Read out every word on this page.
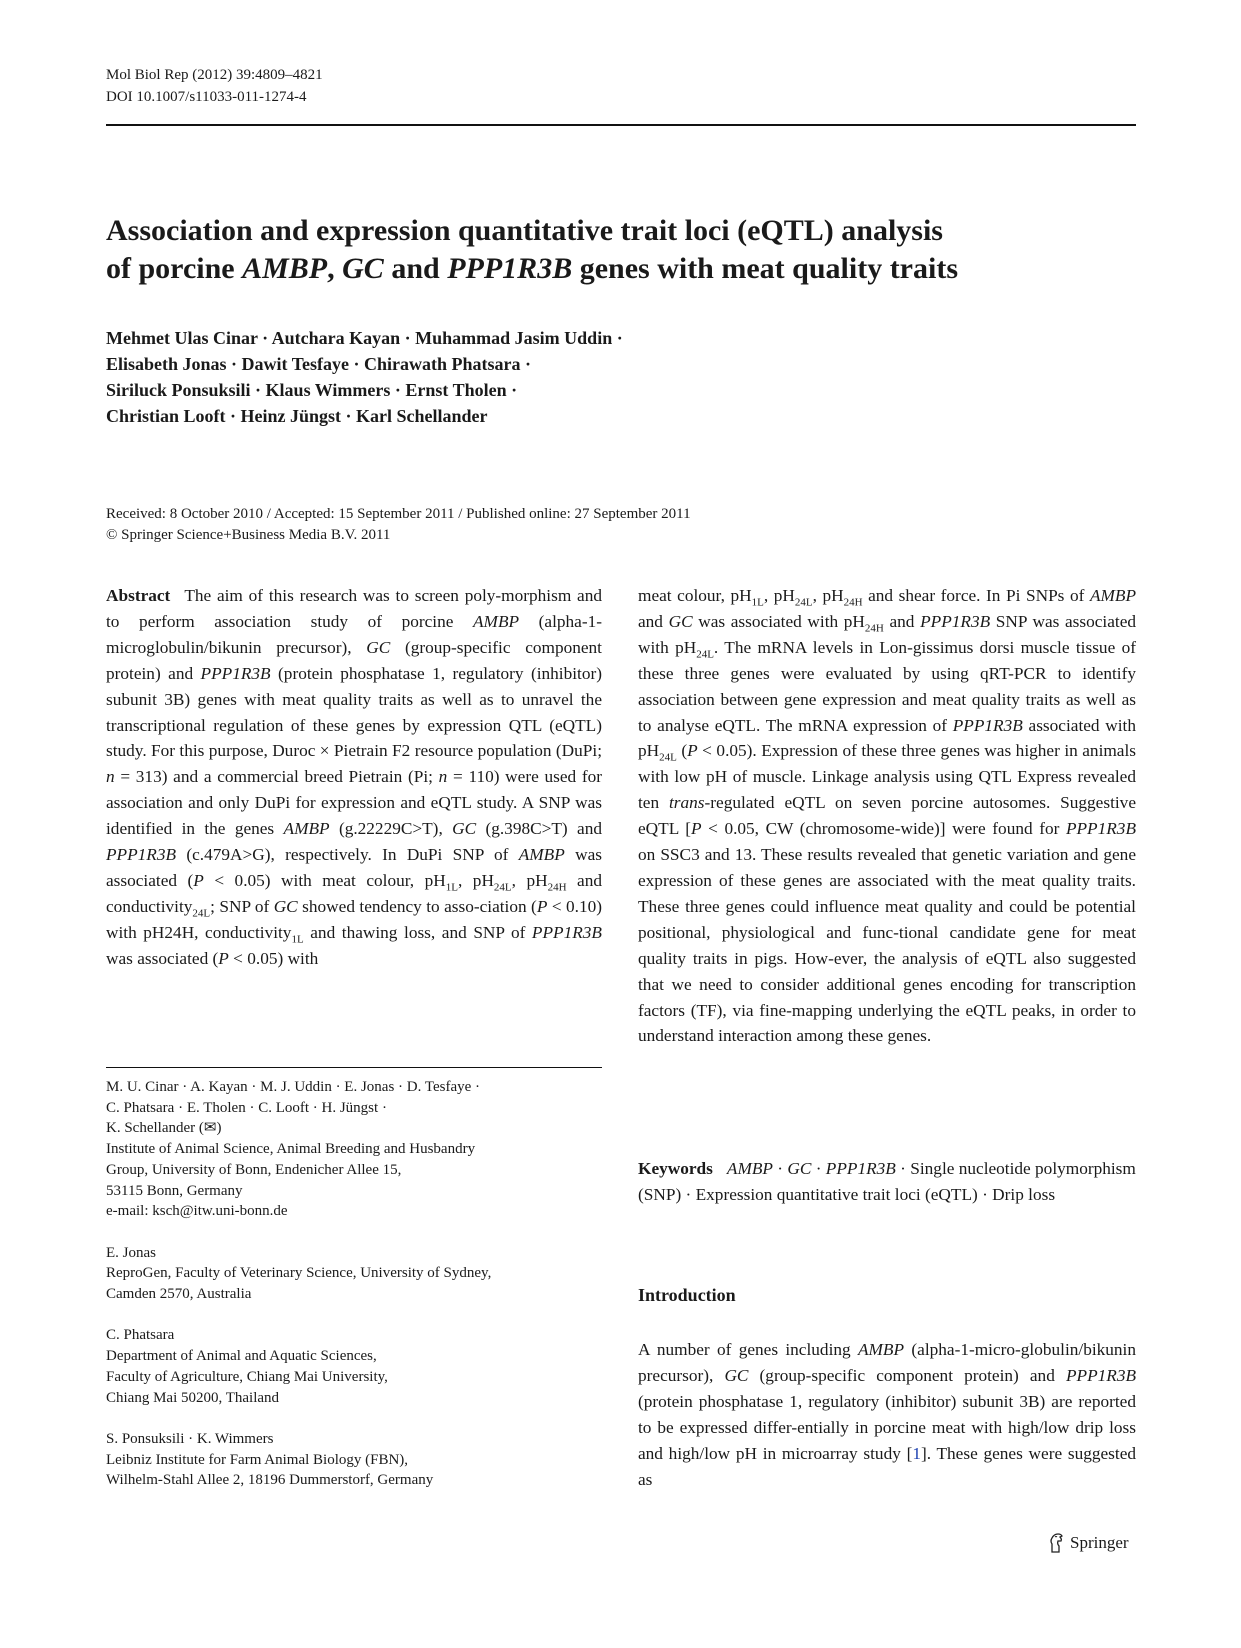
Mol Biol Rep (2012) 39:4809–4821
DOI 10.1007/s11033-011-1274-4
Association and expression quantitative trait loci (eQTL) analysis
of porcine AMBP, GC and PPP1R3B genes with meat quality traits
Mehmet Ulas Cinar · Autchara Kayan · Muhammad Jasim Uddin ·
Elisabeth Jonas · Dawit Tesfaye · Chirawath Phatsara ·
Siriluck Ponsuksili · Klaus Wimmers · Ernst Tholen ·
Christian Looft · Heinz Jüngst · Karl Schellander
Received: 8 October 2010 / Accepted: 15 September 2011 / Published online: 27 September 2011
© Springer Science+Business Media B.V. 2011

Abstract The aim of this research was to screen poly-morphism and to perform association study of porcine AMBP (alpha-1-microglobulin/bikunin precursor), GC (group-specific component protein) and PPP1R3B (protein phosphatase 1, regulatory (inhibitor) subunit 3B) genes with meat quality traits as well as to unravel the transcriptional regulation of these genes by expression QTL (eQTL) study. For this purpose, Duroc × Pietrain F2 resource population (DuPi; n = 313) and a commercial breed Pietrain (Pi; n = 110) were used for association and only DuPi for expression and eQTL study. A SNP was identified in the genes AMBP (g.22229C>T), GC (g.398C>T) and PPP1R3B (c.479A>G), respectively. In DuPi SNP of AMBP was associated (P < 0.05) with meat colour, $pH_{1L}$, $pH_{24L}$, $pH_{24H}$ and conductivity$_{24L}$; SNP of GC showed tendency to asso-ciation (P < 0.10) with pH24H, conductivity$_{1L}$ and thawing loss, and SNP of PPP1R3B was associated (P < 0.05) with

M. U. Cinar · A. Kayan · M. J. Uddin · E. Jonas · D. Tesfaye ·
C. Phatsara · E. Tholen · C. Looft · H. Jüngst ·
K. Schellander (✉)
Institute of Animal Science, Animal Breeding and Husbandry
Group, University of Bonn, Endenicher Allee 15,
53115 Bonn, Germany
e-mail: ksch@itw.uni-bonn.de

E. Jonas
ReproGen, Faculty of Veterinary Science, University of Sydney,
Camden 2570, Australia

C. Phatsara
Department of Animal and Aquatic Sciences,
Faculty of Agriculture, Chiang Mai University,
Chiang Mai 50200, Thailand

S. Ponsuksili · K. Wimmers
Leibniz Institute for Farm Animal Biology (FBN),
Wilhelm-Stahl Allee 2, 18196 Dummerstorf, Germany

meat colour, $pH_{1L}$, $pH_{24L}$, $pH_{24H}$ and shear force. In Pi SNPs of AMBP and GC was associated with $pH_{24H}$ and PPP1R3B SNP was associated with $pH_{24L}$. The mRNA levels in Lon-gissimus dorsi muscle tissue of these three genes were evaluated by using qRT-PCR to identify association between gene expression and meat quality traits as well as to analyse eQTL. The mRNA expression of PPP1R3B associated with $pH_{24L}$ (P < 0.05). Expression of these three genes was higher in animals with low pH of muscle. Linkage analysis using QTL Express revealed ten trans-regulated eQTL on seven porcine autosomes. Suggestive eQTL [P < 0.05, CW (chromosome-wide)] were found for PPP1R3B on SSC3 and 13. These results revealed that genetic variation and gene expression of these genes are associated with the meat quality traits. These three genes could influence meat quality and could be potential positional, physiological and func-tional candidate gene for meat quality traits in pigs. How-ever, the analysis of eQTL also suggested that we need to consider additional genes encoding for transcription factors (TF), via fine-mapping underlying the eQTL peaks, in order to understand interaction among these genes.

Keywords AMBP · GC · PPP1R3B · Single nucleotide polymorphism (SNP) · Expression quantitative trait loci (eQTL) · Drip loss
Introduction

A number of genes including AMBP (alpha-1-micro-globulin/bikunin precursor), GC (group-specific component protein) and PPP1R3B (protein phosphatase 1, regulatory (inhibitor) subunit 3B) are reported to be expressed differ-entially in porcine meat with high/low drip loss and high/low pH in microarray study [1]. These genes were suggested as

Springer
